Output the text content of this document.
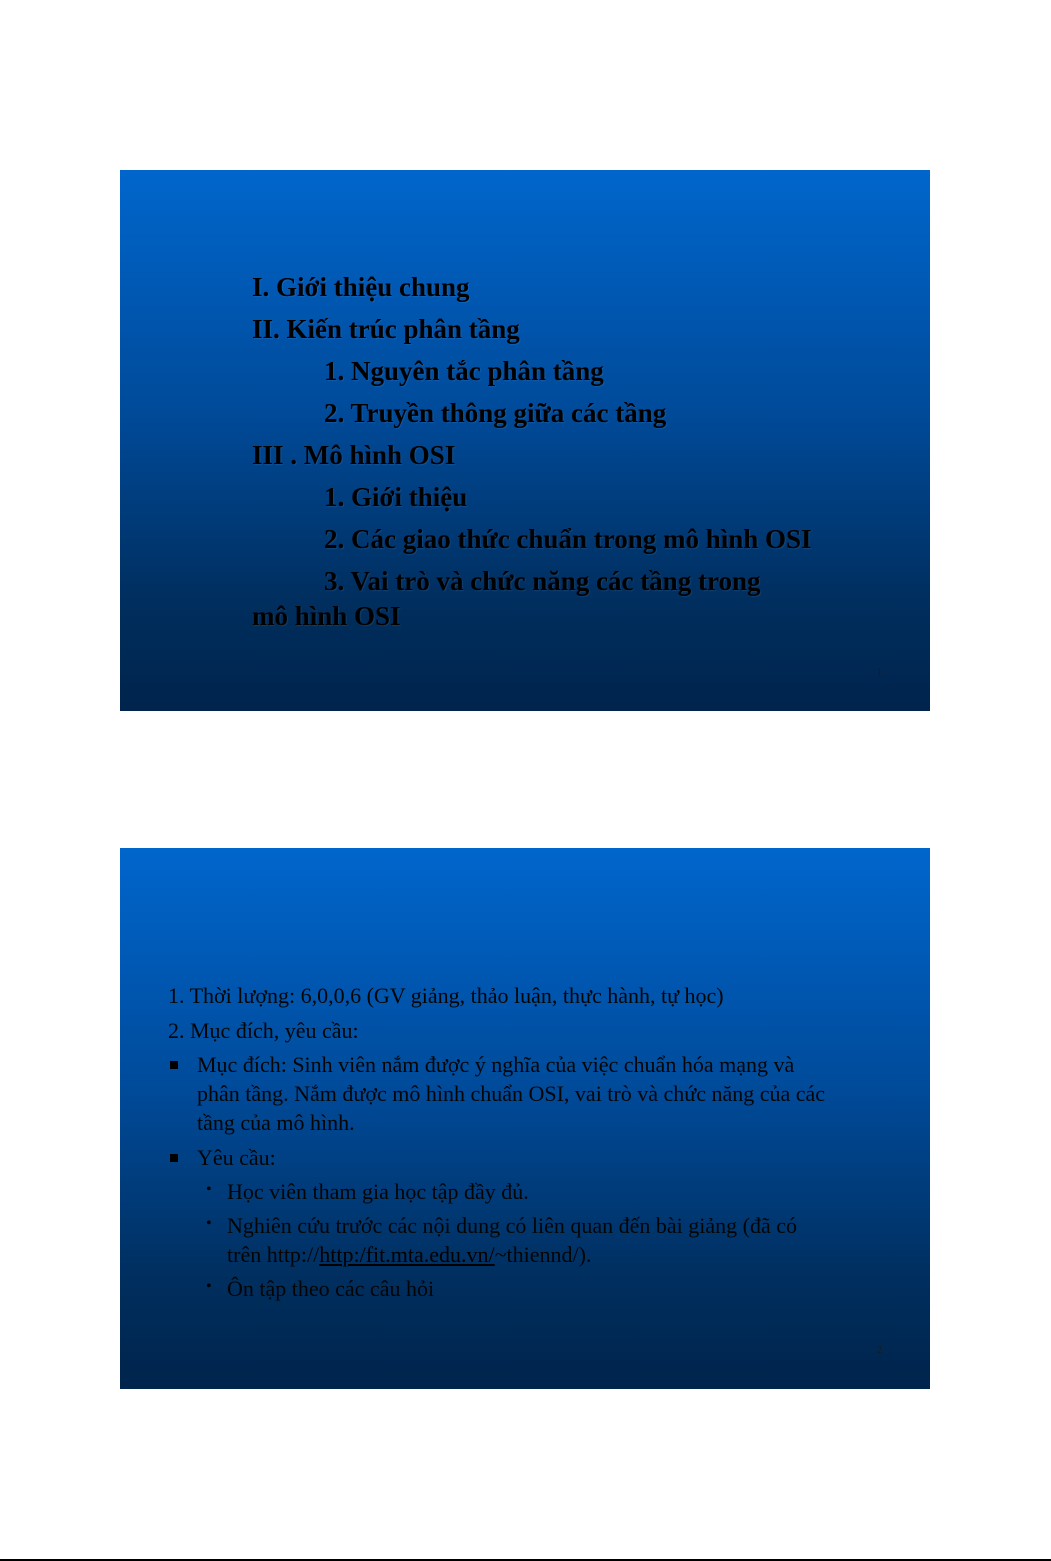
I. Giới thiệu chung

II. Kiến trúc phân tầng

1. Nguyên tắc phân tầng

2. Truyền thông giữa các tầng

III . Mô hình OSI

1. Giới thiệu

2. Các giao thức chuẩn trong mô hình OSI

3. Vai trò và chức năng các tầng trong

mô hình OSI

1

1. Thời lượng: 6,0,0,6 (GV giảng, thảo luận, thực hành, tự học)

2. Mục đích, yêu cầu:

Mục đích: Sinh viên nắm được ý nghĩa của việc chuẩn hóa mạng và

phân tầng. Nắm được mô hình chuẩn OSI, vai trò và chức năng của các

tầng của mô hình.

Yêu cầu:

• Học viên tham gia học tập đầy đủ.

• Nghiên cứu trước các nội dung có liên quan đến bài giảng (đã có

trên http://http:/fit.mta.edu.vn/~thiennd/).

• Ôn tập theo các câu hỏi

2
